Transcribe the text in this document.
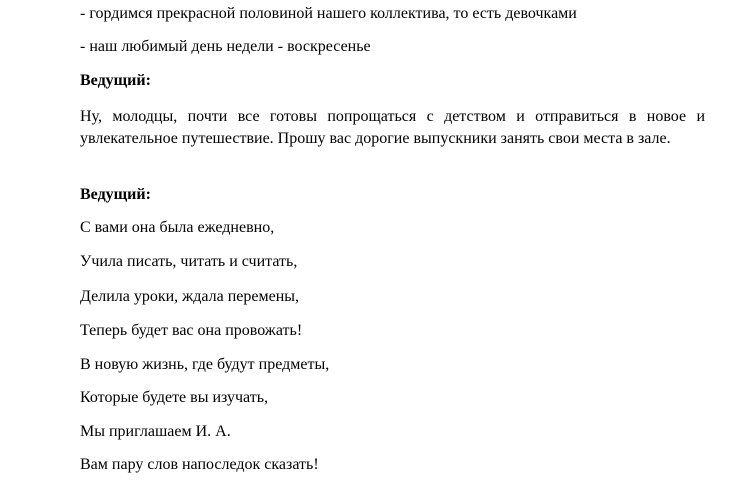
- гордимся прекрасной половиной нашего коллектива, то есть девочками
- наш любимый день недели - воскресенье
Ведущий:
Ну, молодцы, почти все готовы попрощаться с детством и отправиться в новое и увлекательное путешествие. Прошу вас дорогие выпускники занять свои места в зале.
Ведущий:
С вами она была ежедневно,
Учила писать, читать и считать,
Делила уроки, ждала перемены,
Теперь будет вас она провожать!
В новую жизнь, где будут предметы,
Которые будете вы изучать,
Мы приглашаем И. А.
Вам пару слов напоследок сказать!
